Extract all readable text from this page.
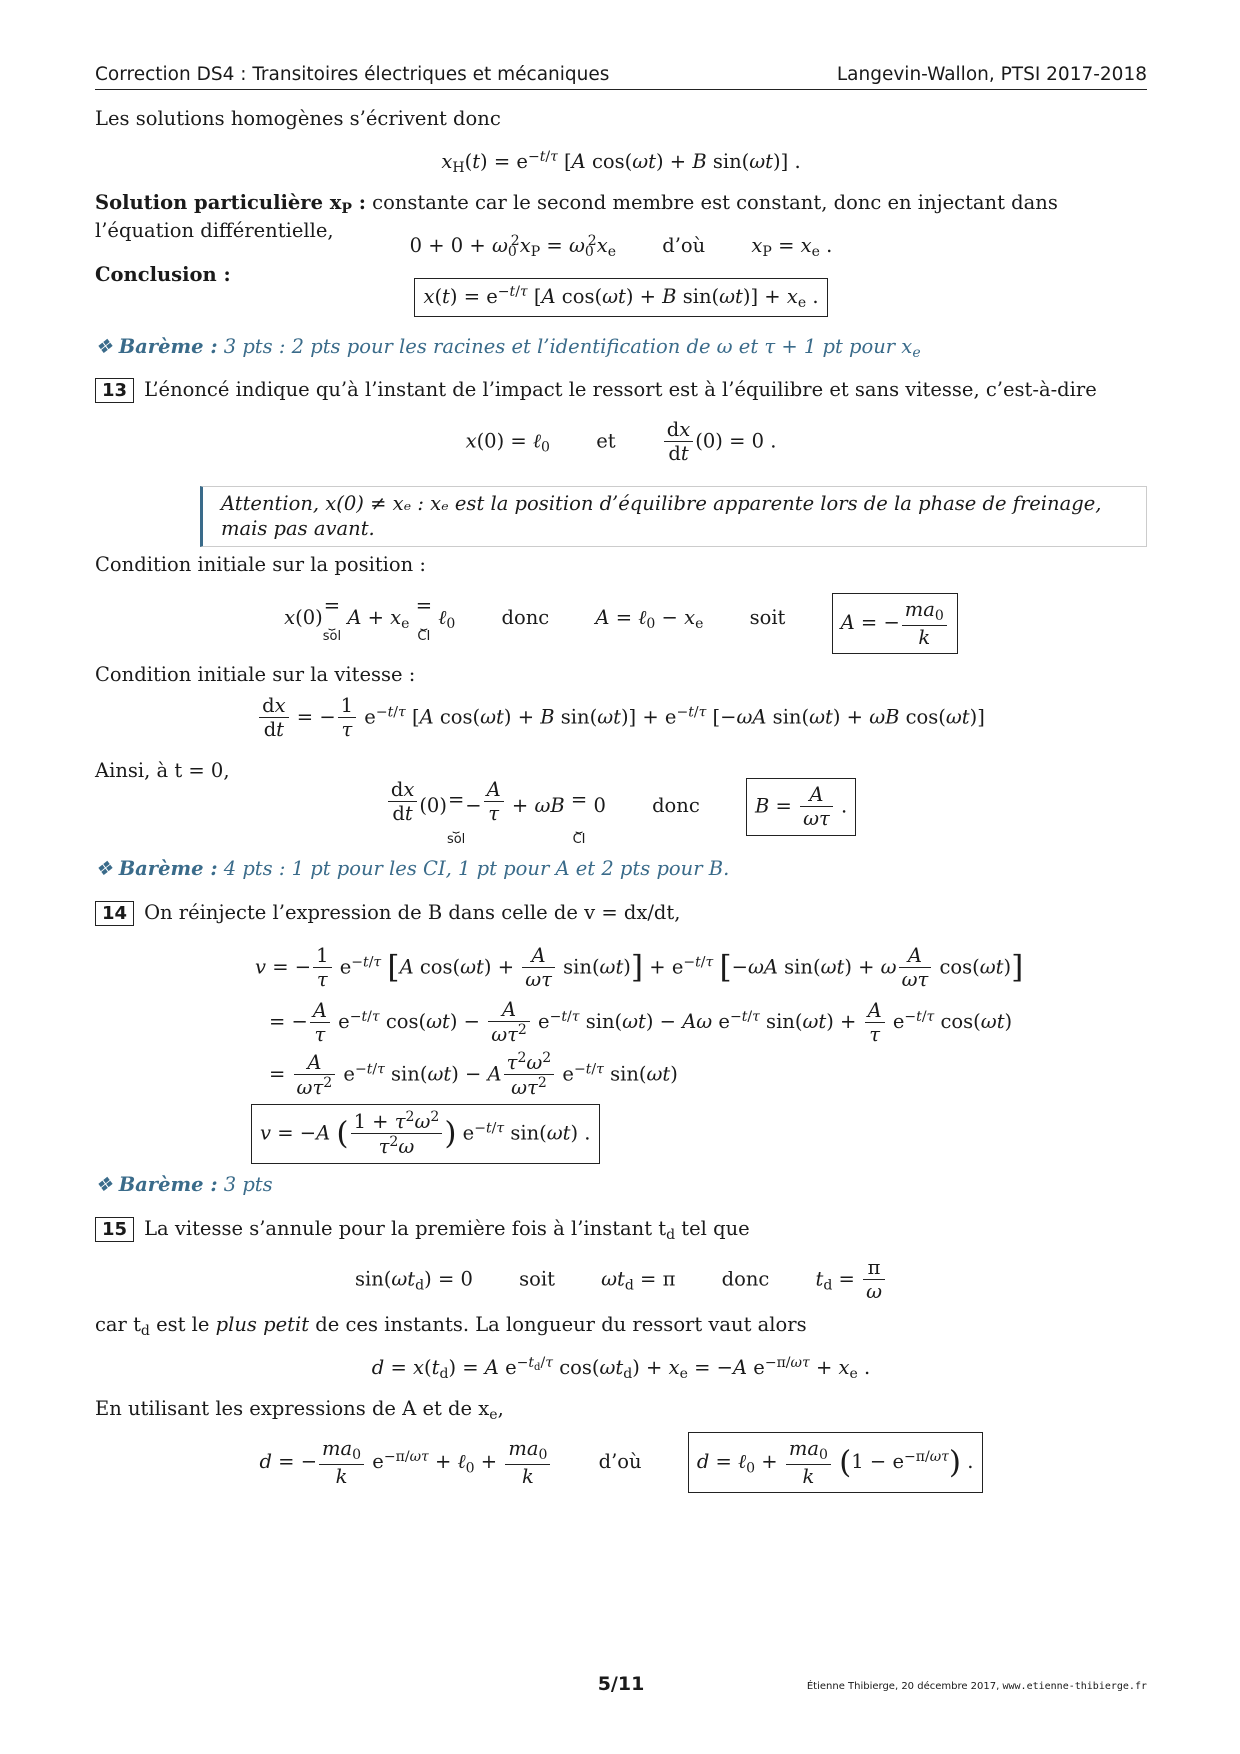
Correction DS4 : Transitoires électriques et mécaniques	Langevin-Wallon, PTSI 2017-2018

Les solutions homogènes s’écrivent donc

$x_H(t) = e^{-t/\tau}$ [A cos(ωt) + B sin(ωt)] .

Solution particulière $x_P$ : constante car le second membre est constant, donc en injectant dans l’équation différentielle,

$0 + 0 + \omega_0^2x_P = \omega_0^2x_e$ d’où $x_P = x_e$ .

Conclusion :

$x(t) = e^{-t/\tau}$ [A cos(ωt) + B $\sin(\omega t)] + x_e$ .

❖ Barème : 3 pts : 2 pts pour les racines et l’identification de ω et τ + 1 pt pour $x_e$

13 L’énoncé indique qu’à l’instant de l’impact le ressort est à l’équilibre et sans vitesse, c’est-à-dire

x(0) = ℓ$_0$ et $\frac{dx}{dt} (0) = 0$ .
Attention, x(0) ≠ xₑ : xₑ est la position d’équilibre apparente lors de la phase de freinage, mais pas avant.

Condition initiale sur la position :

x(0)=
⏟
sol
$A + x_e$ =
⏟
CI
ℓ$_0$ donc A = ℓ$_0$ − $x_e$ soit	A = − $\frac{ma_0}{k}$

Condition initiale sur la vitesse :

$\frac{dx}{dt}$ = − $\frac{1}{\tau} e^{-t/\tau}$ [A cos(ωt) + B $\sin(\omega t)] + e^{-t/\tau}$ [−ωA sin(ωt) + ωB cos(ωt)]

Ainsi, à t = 0,

$\frac{dx}{dt} (0)=$
⏟
sol
− $\frac{A}{\tau} + \omega B$ =
⏟
CI
0 donc	$B = \frac{A}{\omega\tau}$ .

❖ Barème : 4 pts : 1 pt pour les CI, 1 pt pour A et 2 pts pour B.

14 On réinjecte l’expression de B dans celle de v = dx/dt,

v = − $\frac{1}{\tau} e^{-t/\tau}$ [A $\cos(\omega t) + \frac{A}{\omega\tau} \sin(\omega t)] + e^{-t/\tau}$ [−ωA sin(ωt) + ω $\frac{A}{\omega\tau} \cos(\omega t)$]
= − $\frac{A}{\tau} e^{-t/\tau}$ $\cos(\omega t) - \frac{A}{\omega\tau^2} e^{-t/\tau}$ sin(ωt) − Aω $e^{-t/\tau}$ $\sin(\omega t) + \frac{A}{\tau} e^{-t/\tau}$ cos(ωt)
= $\frac{A}{\omega\tau^2} e^{-t/\tau}$ sin(ωt) − A $\frac{\tau^2\omega^2}{\omega\tau^2} e^{-t/\tau}$ sin(ωt)
v = −A ( $\frac{1 + \tau^2\omega^2}{\tau^2\omega}$ ) $e^{-t/\tau}$ sin(ωt) .

❖ Barème : 3 pts

15 La vitesse s’annule pour la première fois à l’instant $t_d$ tel que

$\sin(\omega t_d) = 0$ soit $\omega t_d = \pi$ donc $t_d = \frac{\pi}{\omega}$

car $t_d$ est le plus petit de ces instants. La longueur du ressort vaut alors

$d = x(t_d) = A$ $e^{-t_d/\tau}$ $\cos(\omega t_d) + x_e = -A$ $e^{-\pi/\omega\tau} + x_e$ .

En utilisant les expressions de A et de $x_e$,

d = − $\frac{ma_0}{k} e^{-\pi/\omega\tau}$ + ℓ$_0$ + $\frac{ma_0}{k}$ d’où	d = ℓ$_0$ + $\frac{ma_0}{k} (1 - e^{-\pi/\omega\tau})$ .
5/11	Étienne Thibierge, 20 décembre 2017, www.etienne-thibierge.fr
